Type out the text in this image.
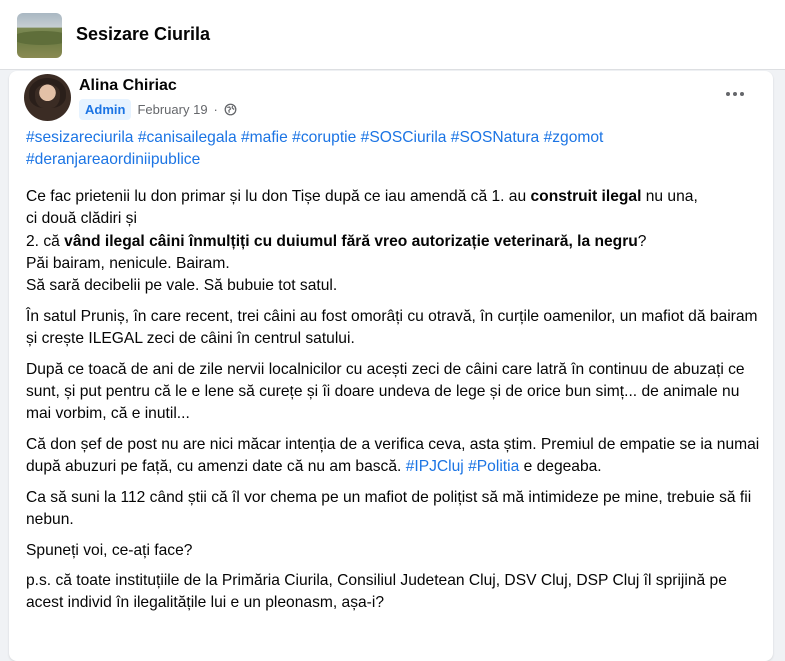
Sesizare Ciurila
Alina Chiriac
Admin February 19 ·

#sesizareciurila #canisailegala #mafie #coruptie #SOSCiurila #SOSNatura #zgomot
#deranjareaordiniipublice

Ce fac prietenii lu don primar și lu don Tișe după ce iau amendă că 1. au construit ilegal nu una,
ci două clădiri și
2. că vând ilegal câini înmulțiți cu duiumul fără vreo autorizație veterinară, la negru?
Păi bairam, nenicule. Bairam.
Să sară decibelii pe vale. Să bubuie tot satul.

În satul Pruniș, în care recent, trei câini au fost omorâți cu otravă, în curțile oamenilor, un mafiot dă bairam și crește ILEGAL zeci de câini în centrul satului.

După ce toacă de ani de zile nervii localnicilor cu acești zeci de câini care latră în continuu de abuzați ce sunt, și put pentru că le e lene să curețe și îi doare undeva de lege și de orice bun simț... de animale nu mai vorbim, că e inutil...

Că don șef de post nu are nici măcar intenția de a verifica ceva, asta știm. Premiul de empatie se ia numai după abuzuri pe față, cu amenzi date că nu am bască. #IPJCluj #Politia e degeaba.

Ca să suni la 112 când știi că îl vor chema pe un mafiot de polițist să mă intimideze pe mine, trebuie să fii nebun.

Spuneți voi, ce-ați face?

p.s. că toate instituțiile de la Primăria Ciurila, Consiliul Judetean Cluj, DSV Cluj, DSP Cluj îl sprijină pe acest individ în ilegalitățile lui e un pleonasm, așa-i?
